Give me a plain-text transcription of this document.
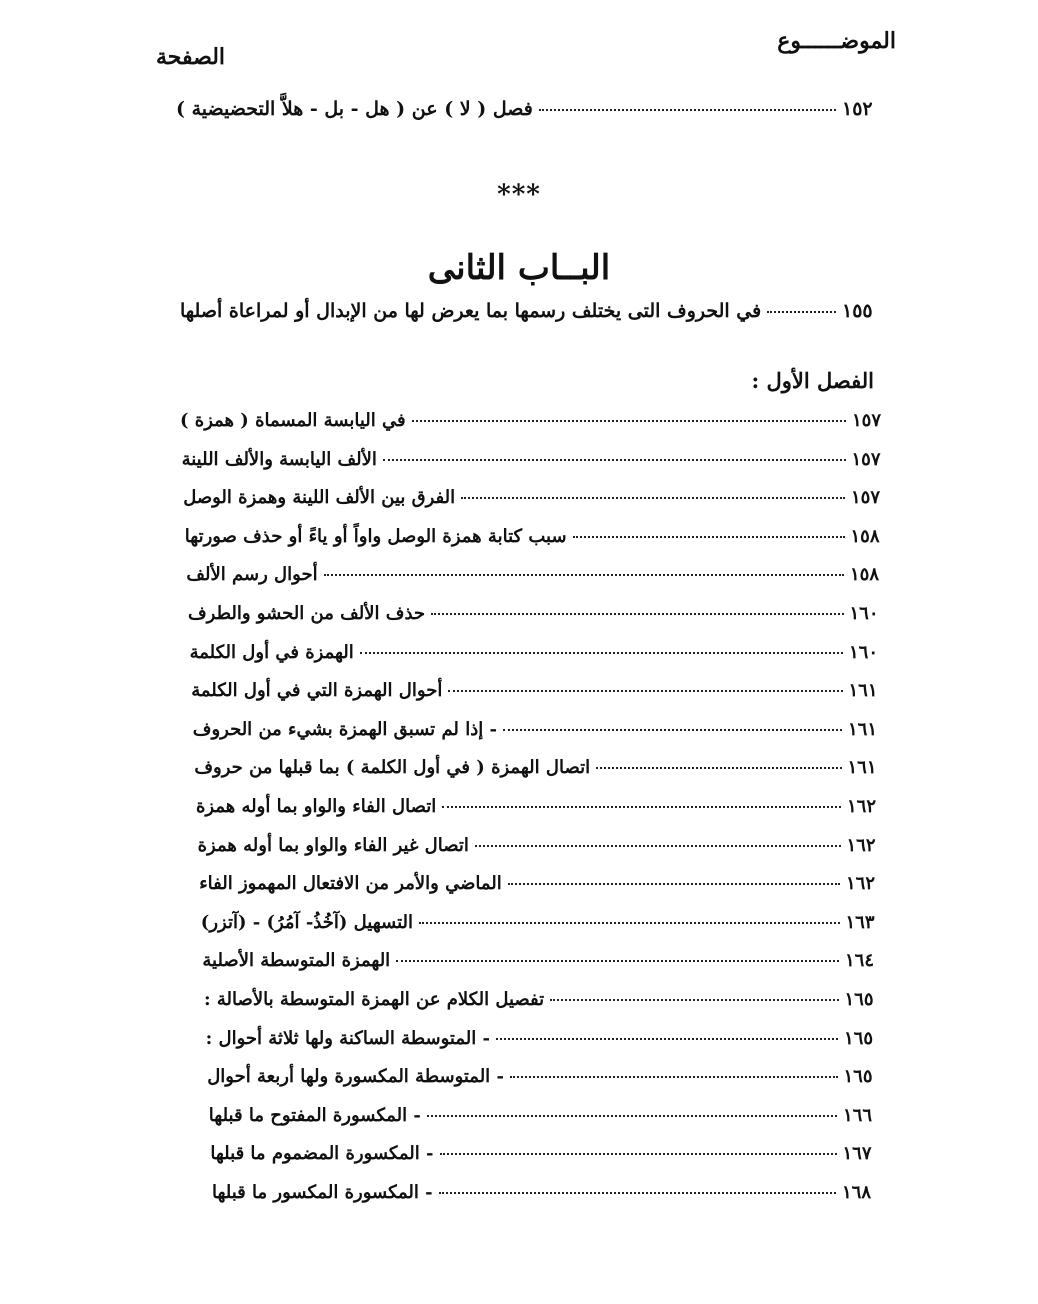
الموضــــــوع
الصفحة
فصل ( لا ) عن ( هل - بل - هلاَّ التحضيضية )	١٥٢
***
البــاب الثانى
في الحروف التى يختلف رسمها بما يعرض لها من الإبدال أو لمراعاة أصلها	١٥٥
الفصل الأول :
في اليابسة المسماة ( همزة )	١٥٧
الألف اليابسة والألف اللينة	١٥٧
الفرق بين الألف اللينة وهمزة الوصل	١٥٧
سبب كتابة همزة الوصل واواً أو ياءً أو حذف صورتها	١٥٨
أحوال رسم الألف	١٥٨
حذف الألف من الحشو والطرف	١٦٠
الهمزة في أول الكلمة	١٦٠
أحوال الهمزة التي في أول الكلمة	١٦١
- إذا لم تسبق الهمزة بشيء من الحروف	١٦١
اتصال الهمزة ( في أول الكلمة ) بما قبلها من حروف	١٦١
اتصال الفاء والواو بما أوله همزة	١٦٢
اتصال غير الفاء والواو بما أوله همزة	١٦٢
الماضي والأمر من الافتعال المهموز الفاء	١٦٢
التسهيل (آخُذُ- آمُرُ) - (آتزر)	١٦٣
الهمزة المتوسطة الأصلية	١٦٤
تفصيل الكلام عن الهمزة المتوسطة بالأصالة :	١٦٥
- المتوسطة الساكنة ولها ثلاثة أحوال :	١٦٥
- المتوسطة المكسورة ولها أربعة أحوال	١٦٥
- المكسورة المفتوح ما قبلها	١٦٦
- المكسورة المضموم ما قبلها	١٦٧
- المكسورة المكسور ما قبلها	١٦٨
